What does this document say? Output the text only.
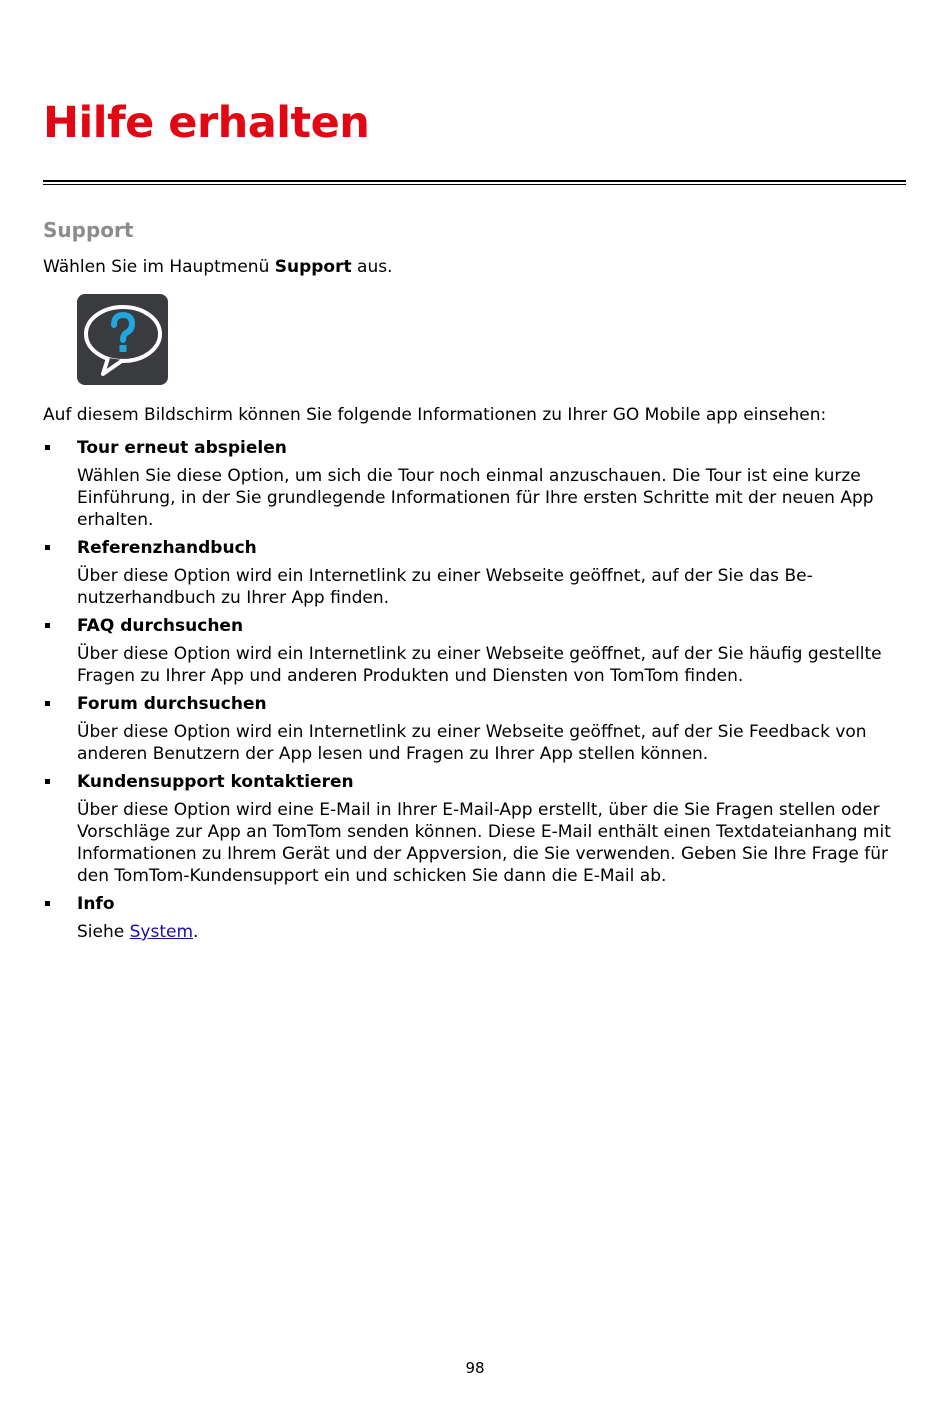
Hilfe erhalten
Support

Wählen Sie im Hauptmenü Support aus.

Auf diesem Bildschirm können Sie folgende Informationen zu Ihrer GO Mobile app einsehen:

Tour erneut abspielen
Wählen Sie diese Option, um sich die Tour noch einmal anzuschauen. Die Tour ist eine kurze
Einführung, in der Sie grundlegende Informationen für Ihre ersten Schritte mit der neuen App
erhalten.
Referenzhandbuch
Über diese Option wird ein Internetlink zu einer Webseite geöffnet, auf der Sie das Be-
nutzerhandbuch zu Ihrer App finden.
FAQ durchsuchen
Über diese Option wird ein Internetlink zu einer Webseite geöffnet, auf der Sie häufig gestellte
Fragen zu Ihrer App und anderen Produkten und Diensten von TomTom finden.
Forum durchsuchen
Über diese Option wird ein Internetlink zu einer Webseite geöffnet, auf der Sie Feedback von
anderen Benutzern der App lesen und Fragen zu Ihrer App stellen können.
Kundensupport kontaktieren
Über diese Option wird eine E-Mail in Ihrer E-Mail-App erstellt, über die Sie Fragen stellen oder
Vorschläge zur App an TomTom senden können. Diese E-Mail enthält einen Textdateianhang mit
Informationen zu Ihrem Gerät und der Appversion, die Sie verwenden. Geben Sie Ihre Frage für
den TomTom-Kundensupport ein und schicken Sie dann die E-Mail ab.
Info
Siehe System.
98
